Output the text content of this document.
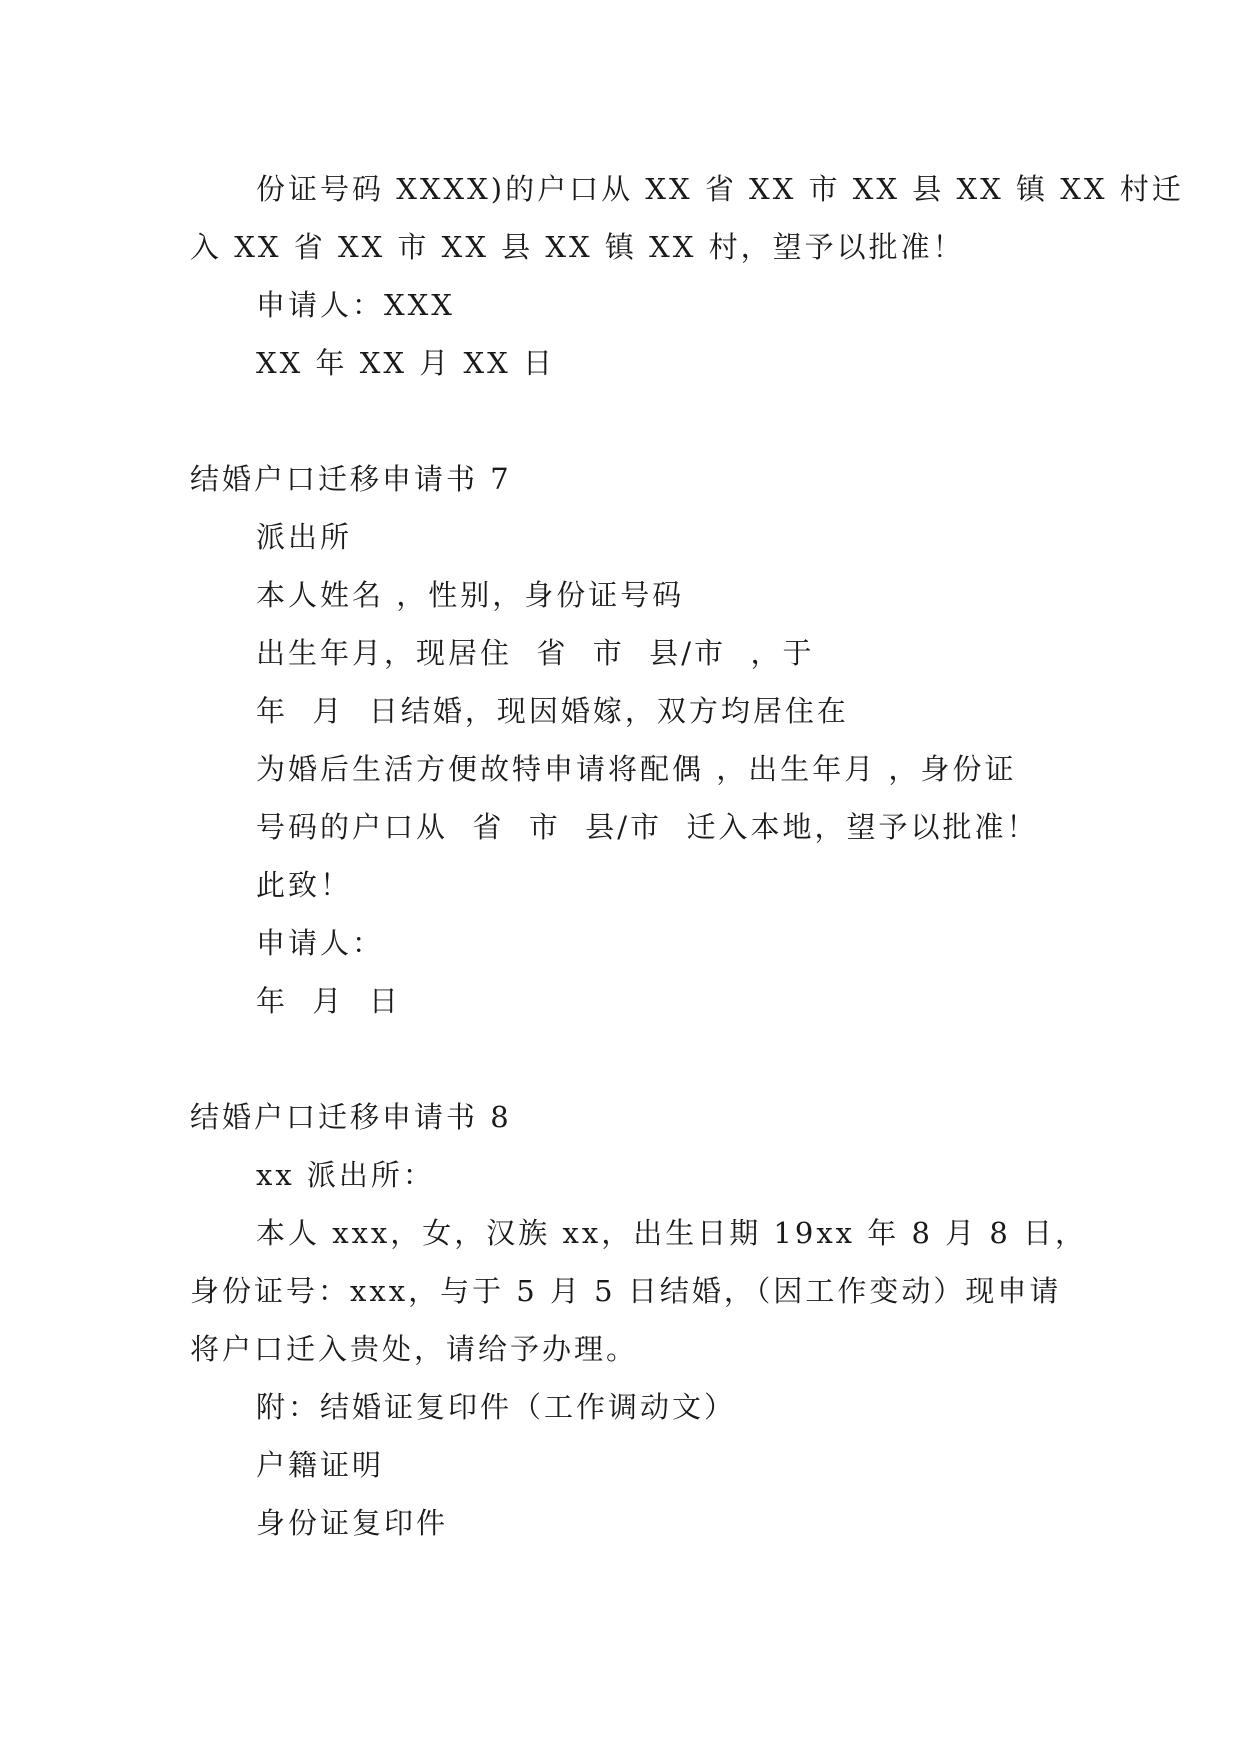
份证号码 XXXX)的户口从 XX 省 XX 市 XX 县 XX 镇 XX 村迁
入 XX 省 XX 市 XX 县 XX 镇 XX 村，望予以批准！
申请人：XXX
XX 年 XX 月 XX 日
结婚户口迁移申请书 7
派出所
本人姓名 ，性别，身份证号码
出生年月，现居住  省  市  县/市  ，于
年  月  日结婚，现因婚嫁，双方均居住在
为婚后生活方便故特申请将配偶 ，出生年月 ，身份证
号码的户口从  省  市  县/市  迁入本地，望予以批准！
此致！
申请人：
年  月  日
结婚户口迁移申请书 8
xx 派出所：
本人 xxx，女，汉族 xx，出生日期 19xx 年 8 月 8 日，
身份证号：xxx，与于 5 月 5 日结婚，（因工作变动）现申请
将户口迁入贵处，请给予办理。
附：结婚证复印件（工作调动文）
户籍证明
身份证复印件
